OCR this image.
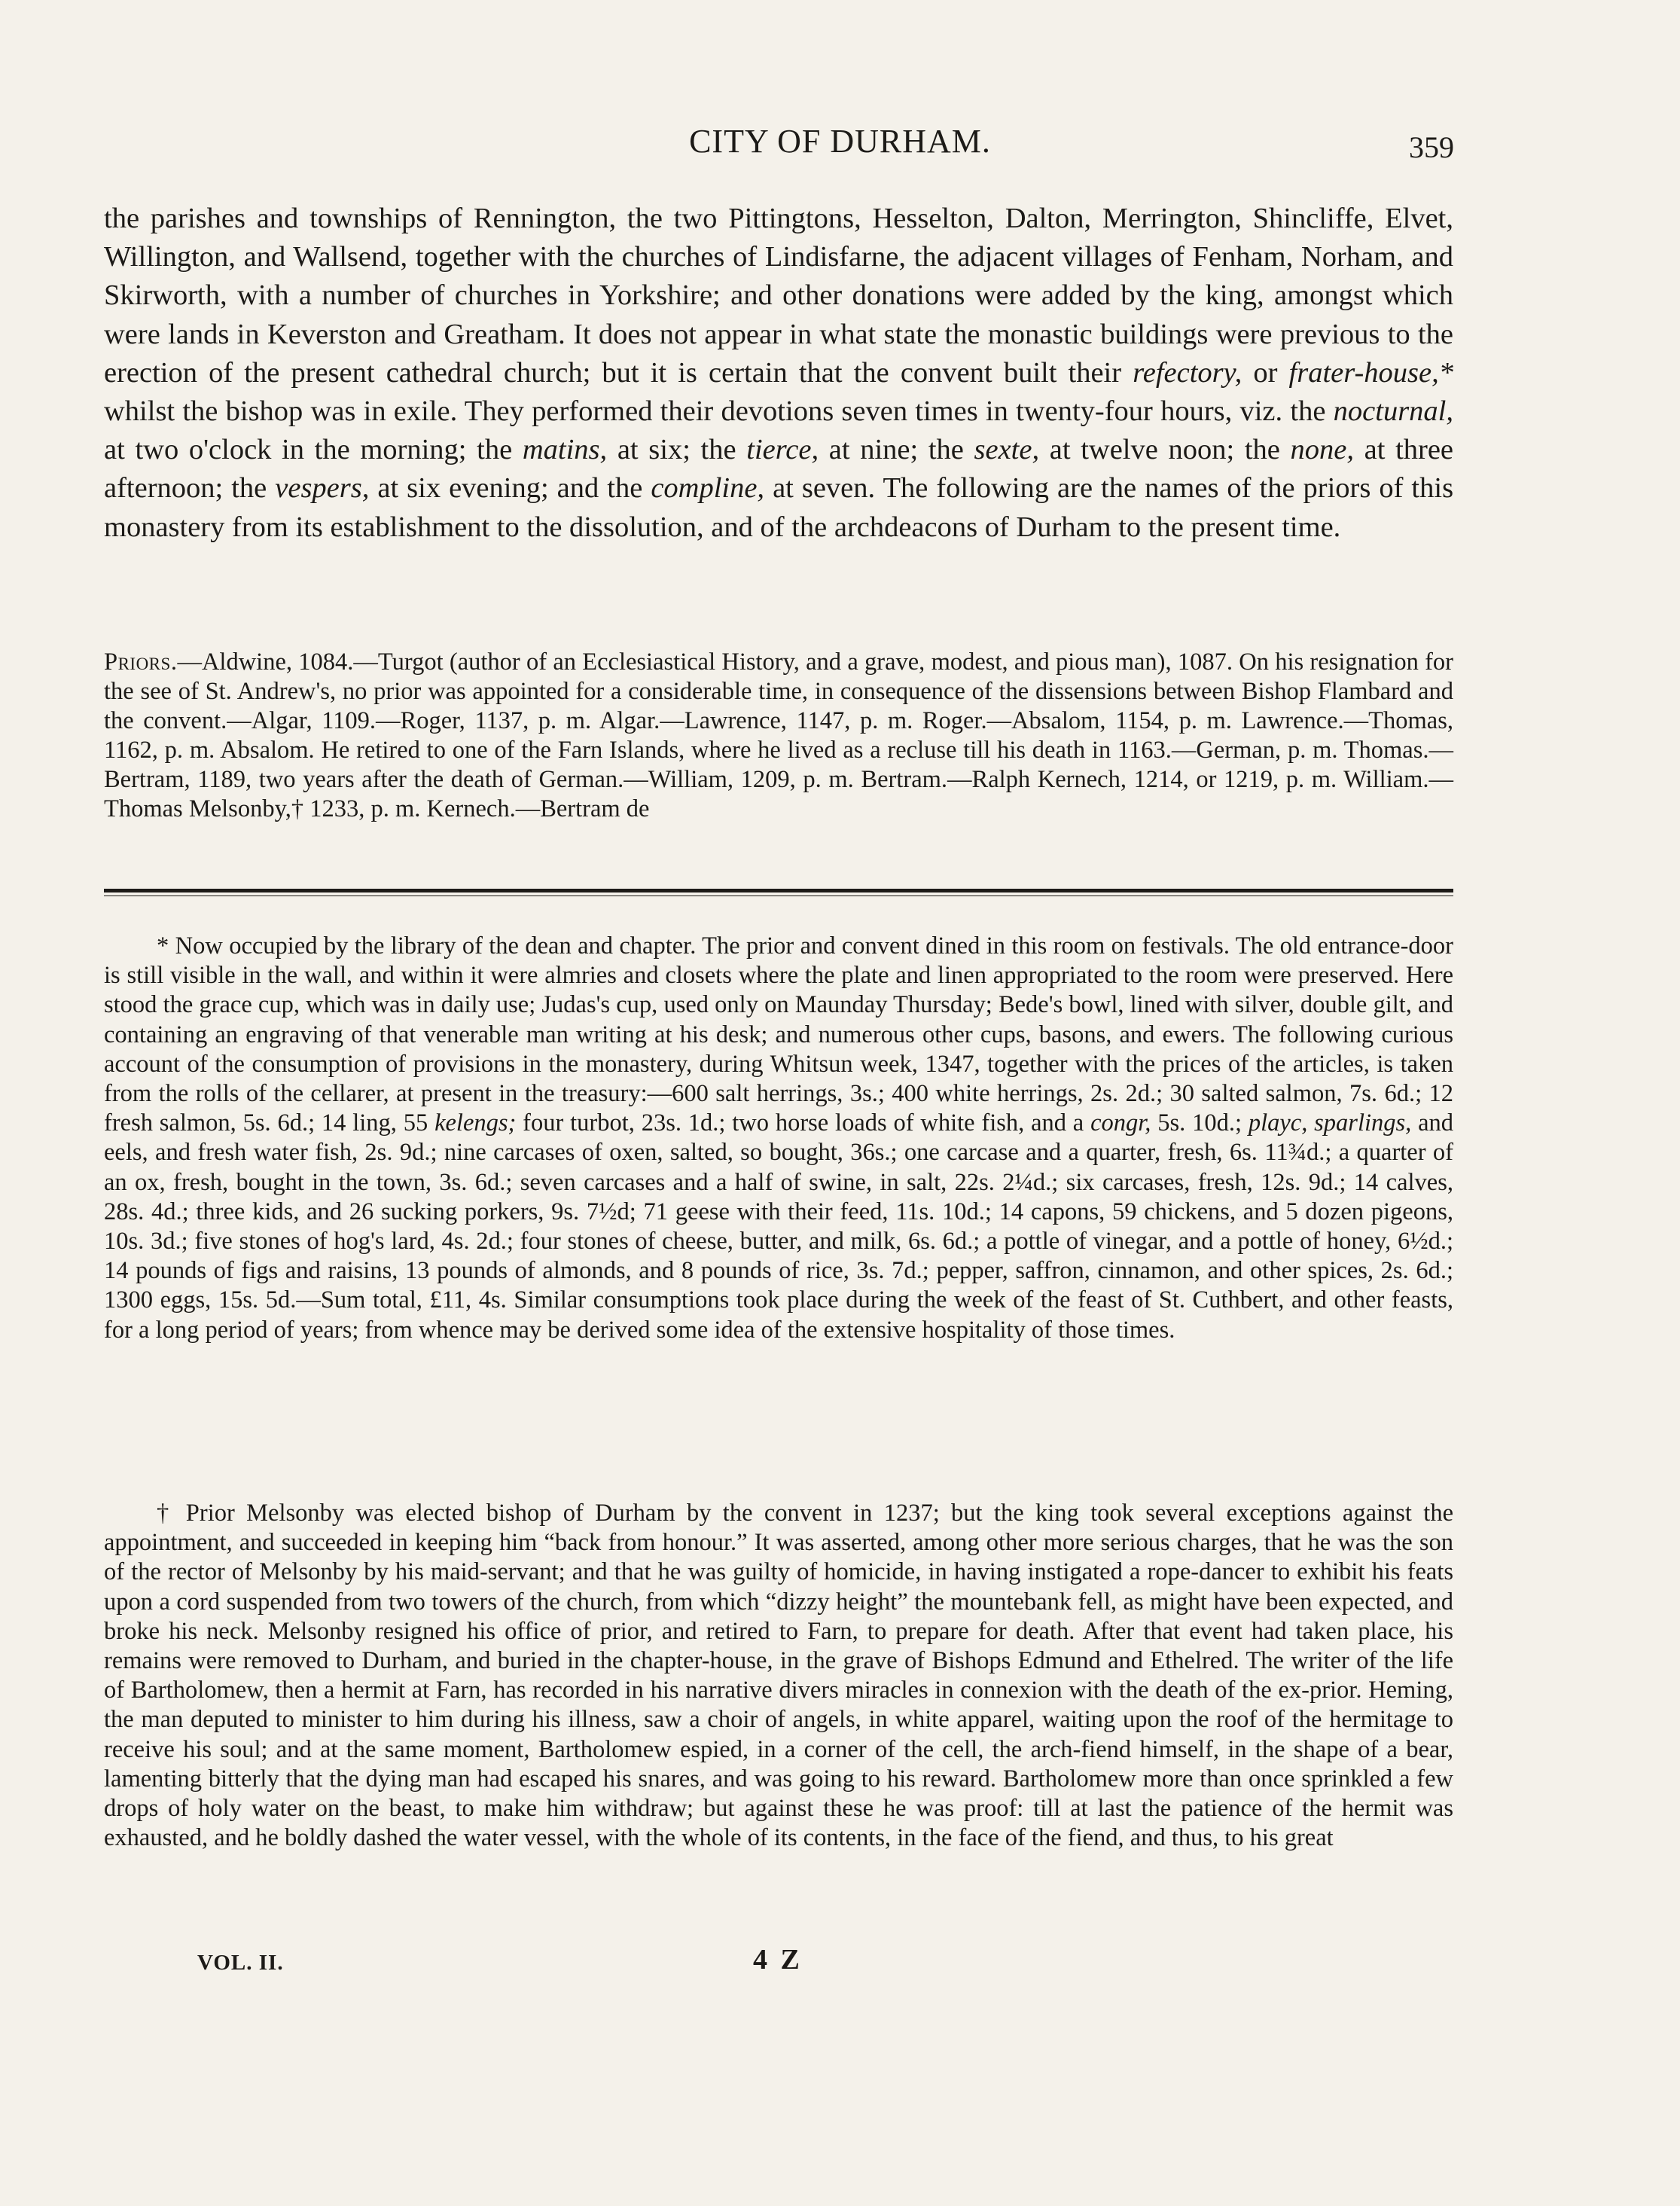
CITY OF DURHAM.	359

the parishes and townships of Rennington, the two Pittingtons, Hesselton, Dalton, Merrington, Shincliffe, Elvet, Willington, and Wallsend, together with the churches of Lindisfarne, the adjacent villages of Fenham, Norham, and Skirworth, with a number of churches in Yorkshire; and other donations were added by the king, amongst which were lands in Keverston and Greatham. It does not appear in what state the monastic buildings were previous to the erection of the present cathedral church; but it is certain that the convent built their refectory, or frater-house,* whilst the bishop was in exile. They performed their devotions seven times in twenty-four hours, viz. the nocturnal, at two o'clock in the morning; the matins, at six; the tierce, at nine; the sexte, at twelve noon; the none, at three afternoon; the vespers, at six evening; and the compline, at seven. The following are the names of the priors of this monastery from its establishment to the dissolution, and of the archdeacons of Durham to the present time.

Priors.—Aldwine, 1084.—Turgot (author of an Ecclesiastical History, and a grave, modest, and pious man), 1087. On his resignation for the see of St. Andrew's, no prior was appointed for a considerable time, in consequence of the dissensions between Bishop Flambard and the convent.—Algar, 1109.—Roger, 1137, p. m. Algar.—Lawrence, 1147, p. m. Roger.—Absalom, 1154, p. m. Lawrence.—Thomas, 1162, p. m. Absalom. He retired to one of the Farn Islands, where he lived as a recluse till his death in 1163.—German, p. m. Thomas.—Bertram, 1189, two years after the death of German.—William, 1209, p. m. Bertram.—Ralph Kernech, 1214, or 1219, p. m. William.—Thomas Melsonby,† 1233, p. m. Kernech.—Bertram de

* Now occupied by the library of the dean and chapter. The prior and convent dined in this room on festivals. The old entrance-door is still visible in the wall, and within it were almries and closets where the plate and linen appropriated to the room were preserved. Here stood the grace cup, which was in daily use; Judas's cup, used only on Maunday Thursday; Bede's bowl, lined with silver, double gilt, and containing an engraving of that venerable man writing at his desk; and numerous other cups, basons, and ewers. The following curious account of the consumption of provisions in the monastery, during Whitsun week, 1347, together with the prices of the articles, is taken from the rolls of the cellarer, at present in the treasury:—600 salt herrings, 3s.; 400 white herrings, 2s. 2d.; 30 salted salmon, 7s. 6d.; 12 fresh salmon, 5s. 6d.; 14 ling, 55 kelengs; four turbot, 23s. 1d.; two horse loads of white fish, and a congr, 5s. 10d.; playc, sparlings, and eels, and fresh water fish, 2s. 9d.; nine carcases of oxen, salted, so bought, 36s.; one carcase and a quarter, fresh, 6s. 11¾d.; a quarter of an ox, fresh, bought in the town, 3s. 6d.; seven carcases and a half of swine, in salt, 22s. 2¼d.; six carcases, fresh, 12s. 9d.; 14 calves, 28s. 4d.; three kids, and 26 sucking porkers, 9s. 7½d; 71 geese with their feed, 11s. 10d.; 14 capons, 59 chickens, and 5 dozen pigeons, 10s. 3d.; five stones of hog's lard, 4s. 2d.; four stones of cheese, butter, and milk, 6s. 6d.; a pottle of vinegar, and a pottle of honey, 6½d.; 14 pounds of figs and raisins, 13 pounds of almonds, and 8 pounds of rice, 3s. 7d.; pepper, saffron, cinnamon, and other spices, 2s. 6d.; 1300 eggs, 15s. 5d.—Sum total, £11, 4s. Similar consumptions took place during the week of the feast of St. Cuthbert, and other feasts, for a long period of years; from whence may be derived some idea of the extensive hospitality of those times.

† Prior Melsonby was elected bishop of Durham by the convent in 1237; but the king took several exceptions against the appointment, and succeeded in keeping him “back from honour.” It was asserted, among other more serious charges, that he was the son of the rector of Melsonby by his maid-servant; and that he was guilty of homicide, in having instigated a rope-dancer to exhibit his feats upon a cord suspended from two towers of the church, from which “dizzy height” the mountebank fell, as might have been expected, and broke his neck. Melsonby resigned his office of prior, and retired to Farn, to prepare for death. After that event had taken place, his remains were removed to Durham, and buried in the chapter-house, in the grave of Bishops Edmund and Ethelred. The writer of the life of Bartholomew, then a hermit at Farn, has recorded in his narrative divers miracles in connexion with the death of the ex-prior. Heming, the man deputed to minister to him during his illness, saw a choir of angels, in white apparel, waiting upon the roof of the hermitage to receive his soul; and at the same moment, Bartholomew espied, in a corner of the cell, the arch-fiend himself, in the shape of a bear, lamenting bitterly that the dying man had escaped his snares, and was going to his reward. Bartholomew more than once sprinkled a few drops of holy water on the beast, to make him withdraw; but against these he was proof: till at last the patience of the hermit was exhausted, and he boldly dashed the water vessel, with the whole of its contents, in the face of the fiend, and thus, to his great

VOL. II.	4 Z
